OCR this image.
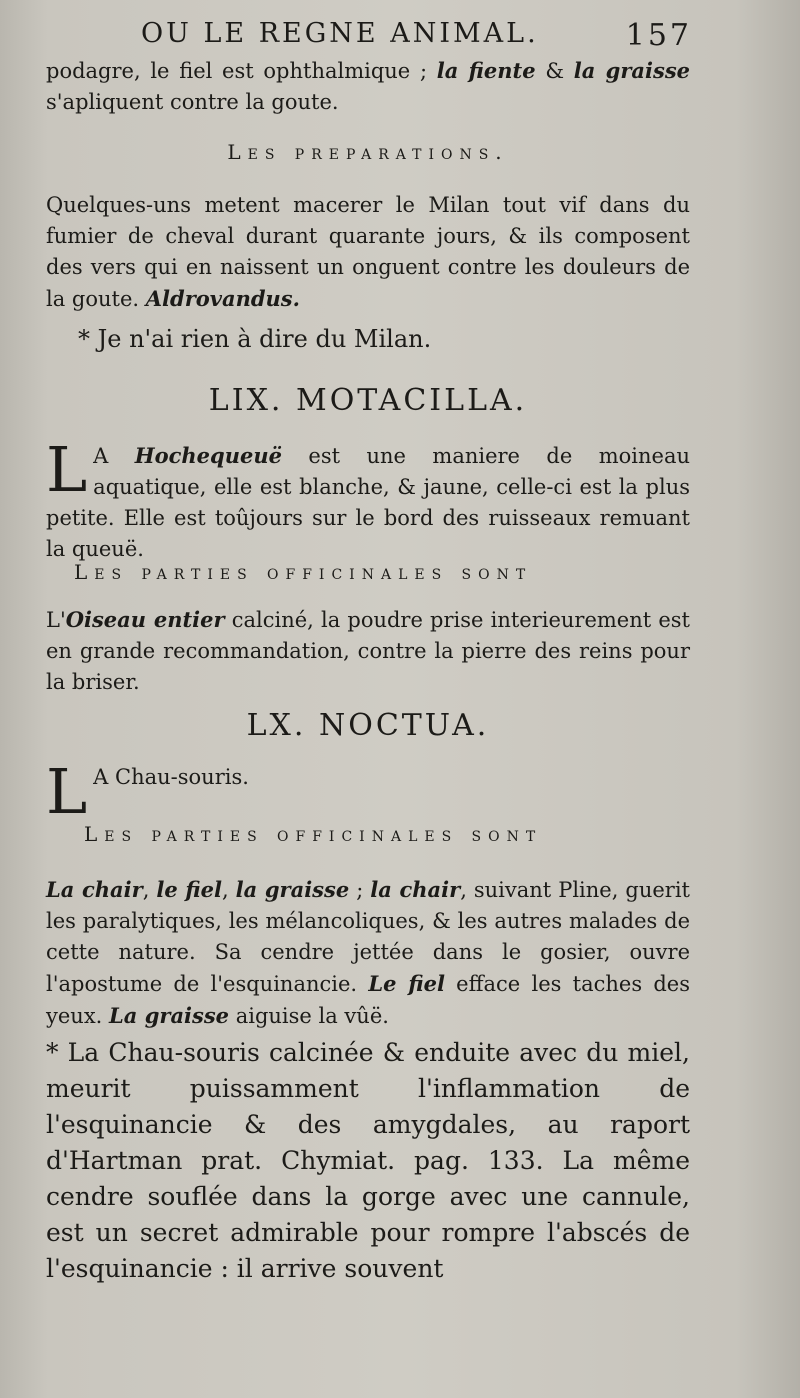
OU LE REGNE ANIMAL.	157
podagre, le fiel est ophthalmique ; la fiente & la graisse s'apliquent contre la goute.
Les preparations.
Quelques-uns metent macerer le Milan tout vif dans du fumier de cheval durant quarante jours, & ils composent des vers qui en naissent un onguent contre les douleurs de la goute. Aldrovandus.
* Je n'ai rien à dire du Milan.
LIX. MOTACILLA.
L A Hochequeuë est une maniere de moineau aquatique, elle est blanche, & jaune, celle-ci est la plus petite. Elle est toûjours sur le bord des ruisseaux remuant la queuë.
Les parties officinales sont
L'Oiseau entier calciné, la poudre prise interieurement est en grande recommandation, contre la pierre des reins pour la briser.
LX. NOCTUA.
L A Chau-souris.
Les parties officinales sont
La chair, le fiel, la graisse ; la chair, suivant Pline, guerit les paralytiques, les mélancoliques, & les autres malades de cette nature. Sa cendre jettée dans le gosier, ouvre l'apostume de l'esquinancie. Le fiel efface les taches des yeux. La graisse aiguise la vûë.
* La Chau-souris calcinée & enduite avec du miel, meurit puissamment l'inflammation de l'esquinancie & des amygdales, au raport d'Hartman prat. Chymiat. pag. 133. La même cendre souflée dans la gorge avec une cannule, est un secret admirable pour rompre l'abscés de l'esquinancie : il arrive souvent
